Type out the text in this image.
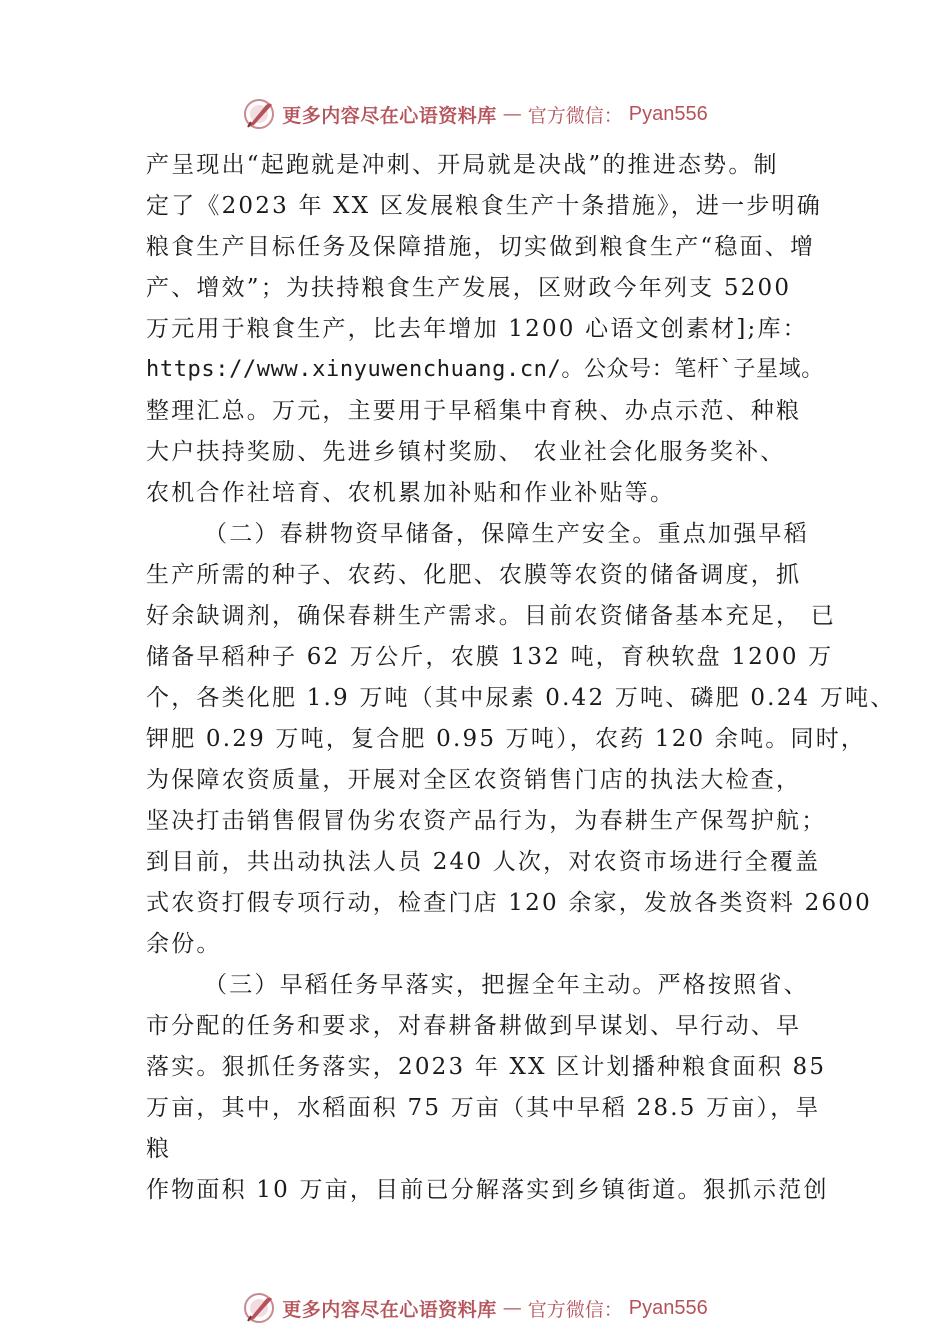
更多内容尽在心语资料库 — 官方微信： Pyan556
产呈现出“起跑就是冲刺、开局就是决战”的推进态势。制
定了《2023 年 XX 区发展粮食生产十条措施》，进一步明确
粮食生产目标任务及保障措施，切实做到粮食生产“稳面、增
产、增效”；为扶持粮食生产发展，区财政今年列支 5200
万元用于粮食生产，比去年增加 1200 心语文创素材];库：
https://www.xinyuwenchuang.cn/。公众号：笔杆`子星域。
整理汇总。万元，主要用于早稻集中育秧、办点示范、种粮
大户扶持奖励、先进乡镇村奖励、 农业社会化服务奖补、
农机合作社培育、农机累加补贴和作业补贴等。
（二）春耕物资早储备，保障生产安全。重点加强早稻
生产所需的种子、农药、化肥、农膜等农资的储备调度，抓
好余缺调剂，确保春耕生产需求。目前农资储备基本充足， 已
储备早稻种子 62 万公斤，农膜 132 吨，育秧软盘 1200 万
个，各类化肥 1.9 万吨（其中尿素 0.42 万吨、磷肥 0.24 万吨、
钾肥 0.29 万吨，复合肥 0.95 万吨），农药 120 余吨。同时，
为保障农资质量，开展对全区农资销售门店的执法大检查，
坚决打击销售假冒伪劣农资产品行为，为春耕生产保驾护航；
到目前，共出动执法人员 240 人次，对农资市场进行全覆盖
式农资打假专项行动，检查门店 120 余家，发放各类资料 2600
余份。
（三）早稻任务早落实，把握全年主动。严格按照省、
市分配的任务和要求，对春耕备耕做到早谋划、早行动、早
落实。狠抓任务落实，2023 年 XX 区计划播种粮食面积 85
万亩，其中，水稻面积 75 万亩（其中早稻 28.5 万亩），旱
粮
作物面积 10 万亩，目前已分解落实到乡镇街道。狠抓示范创
更多内容尽在心语资料库 — 官方微信： Pyan556
